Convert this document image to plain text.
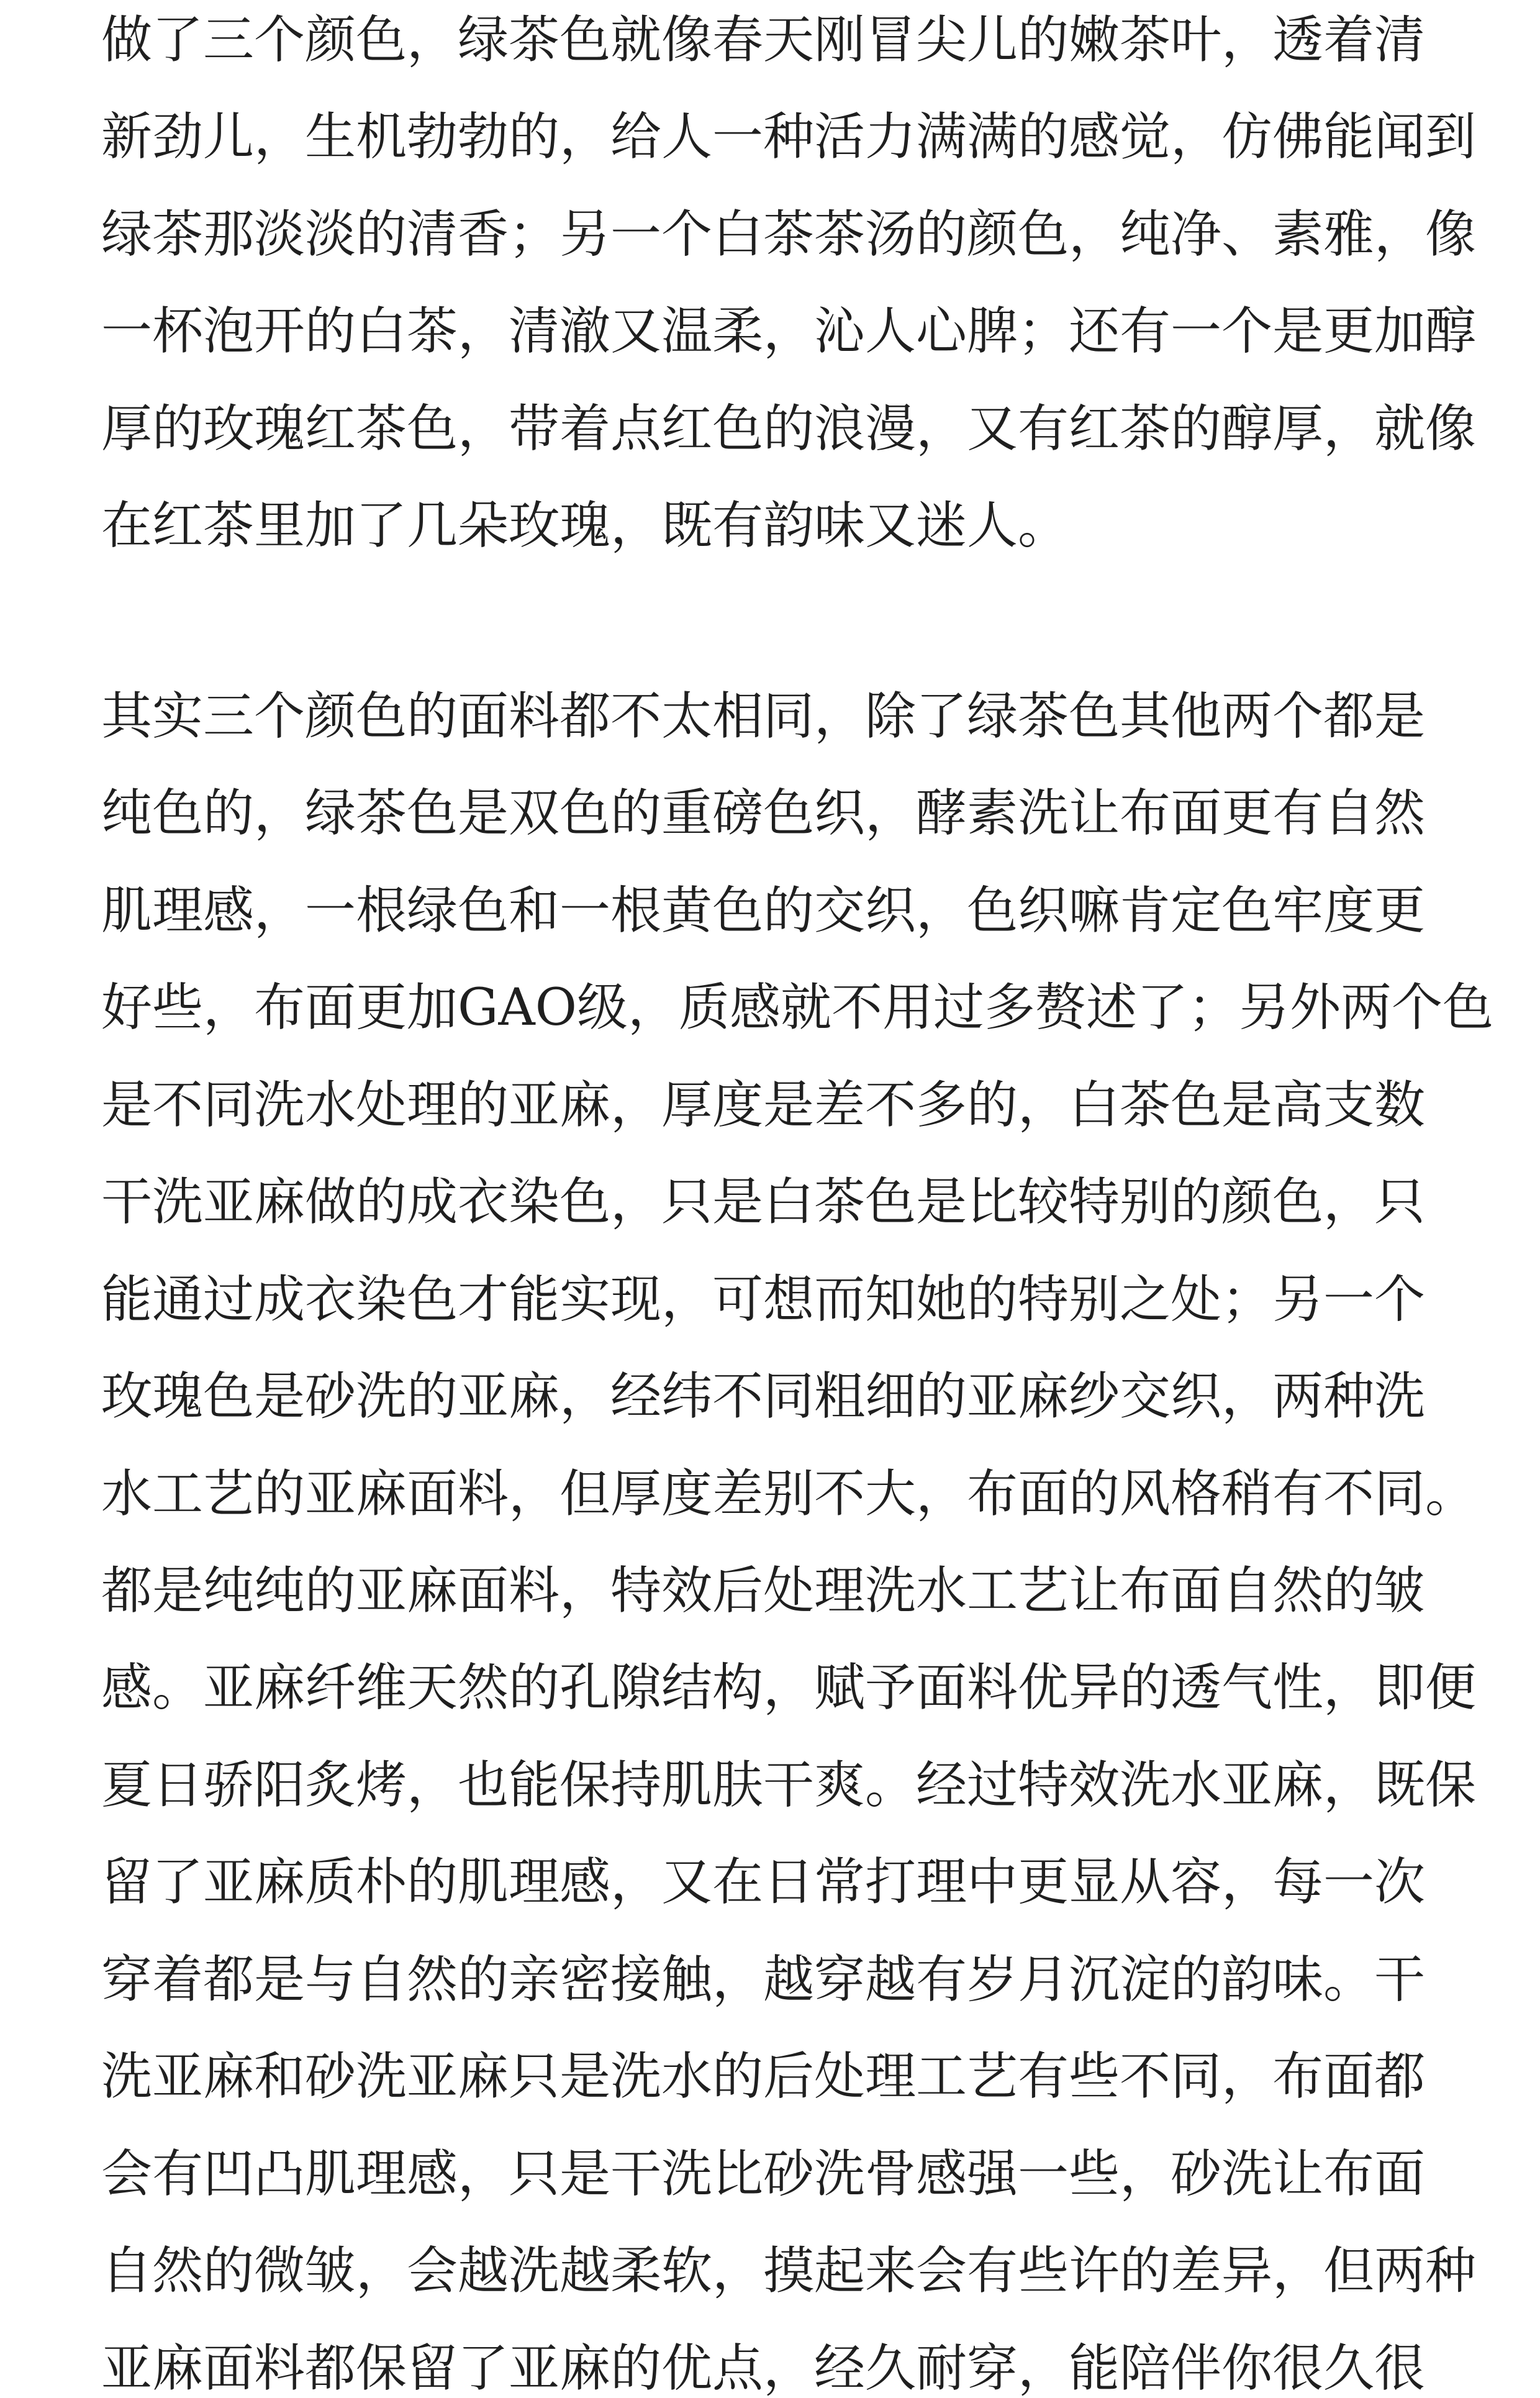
做了三个颜色，绿茶色就像春天刚冒尖儿的嫩茶叶，透着清
新劲儿，生机勃勃的，给人一种活力满满的感觉，仿佛能闻到
绿茶那淡淡的清香；另一个白茶茶汤的颜色，纯净、素雅，像
一杯泡开的白茶，清澈又温柔，沁人心脾；还有一个是更加醇
厚的玫瑰红茶色，带着点红色的浪漫，又有红茶的醇厚，就像
在红茶里加了几朵玫瑰，既有韵味又迷人。
其实三个颜色的面料都不太相同，除了绿茶色其他两个都是
纯色的，绿茶色是双色的重磅色织，酵素洗让布面更有自然
肌理感，一根绿色和一根黄色的交织，色织嘛肯定色牢度更
好些，布面更加GAO级，质感就不用过多赘述了；另外两个色
是不同洗水处理的亚麻，厚度是差不多的，白茶色是高支数
干洗亚麻做的成衣染色，只是白茶色是比较特别的颜色，只
能通过成衣染色才能实现，可想而知她的特别之处；另一个
玫瑰色是砂洗的亚麻，经纬不同粗细的亚麻纱交织，两种洗
水工艺的亚麻面料，但厚度差别不大，布面的风格稍有不同。
都是纯纯的亚麻面料，特效后处理洗水工艺让布面自然的皱
感。亚麻纤维天然的孔隙结构，赋予面料优异的透气性，即便
夏日骄阳炙烤，也能保持肌肤干爽。经过特效洗水亚麻，既保
留了亚麻质朴的肌理感，又在日常打理中更显从容，每一次
穿着都是与自然的亲密接触，越穿越有岁月沉淀的韵味。干
洗亚麻和砂洗亚麻只是洗水的后处理工艺有些不同，布面都
会有凹凸肌理感，只是干洗比砂洗骨感强一些，砂洗让布面
自然的微皱，会越洗越柔软，摸起来会有些许的差异，但两种
亚麻面料都保留了亚麻的优点，经久耐穿，能陪伴你很久很
